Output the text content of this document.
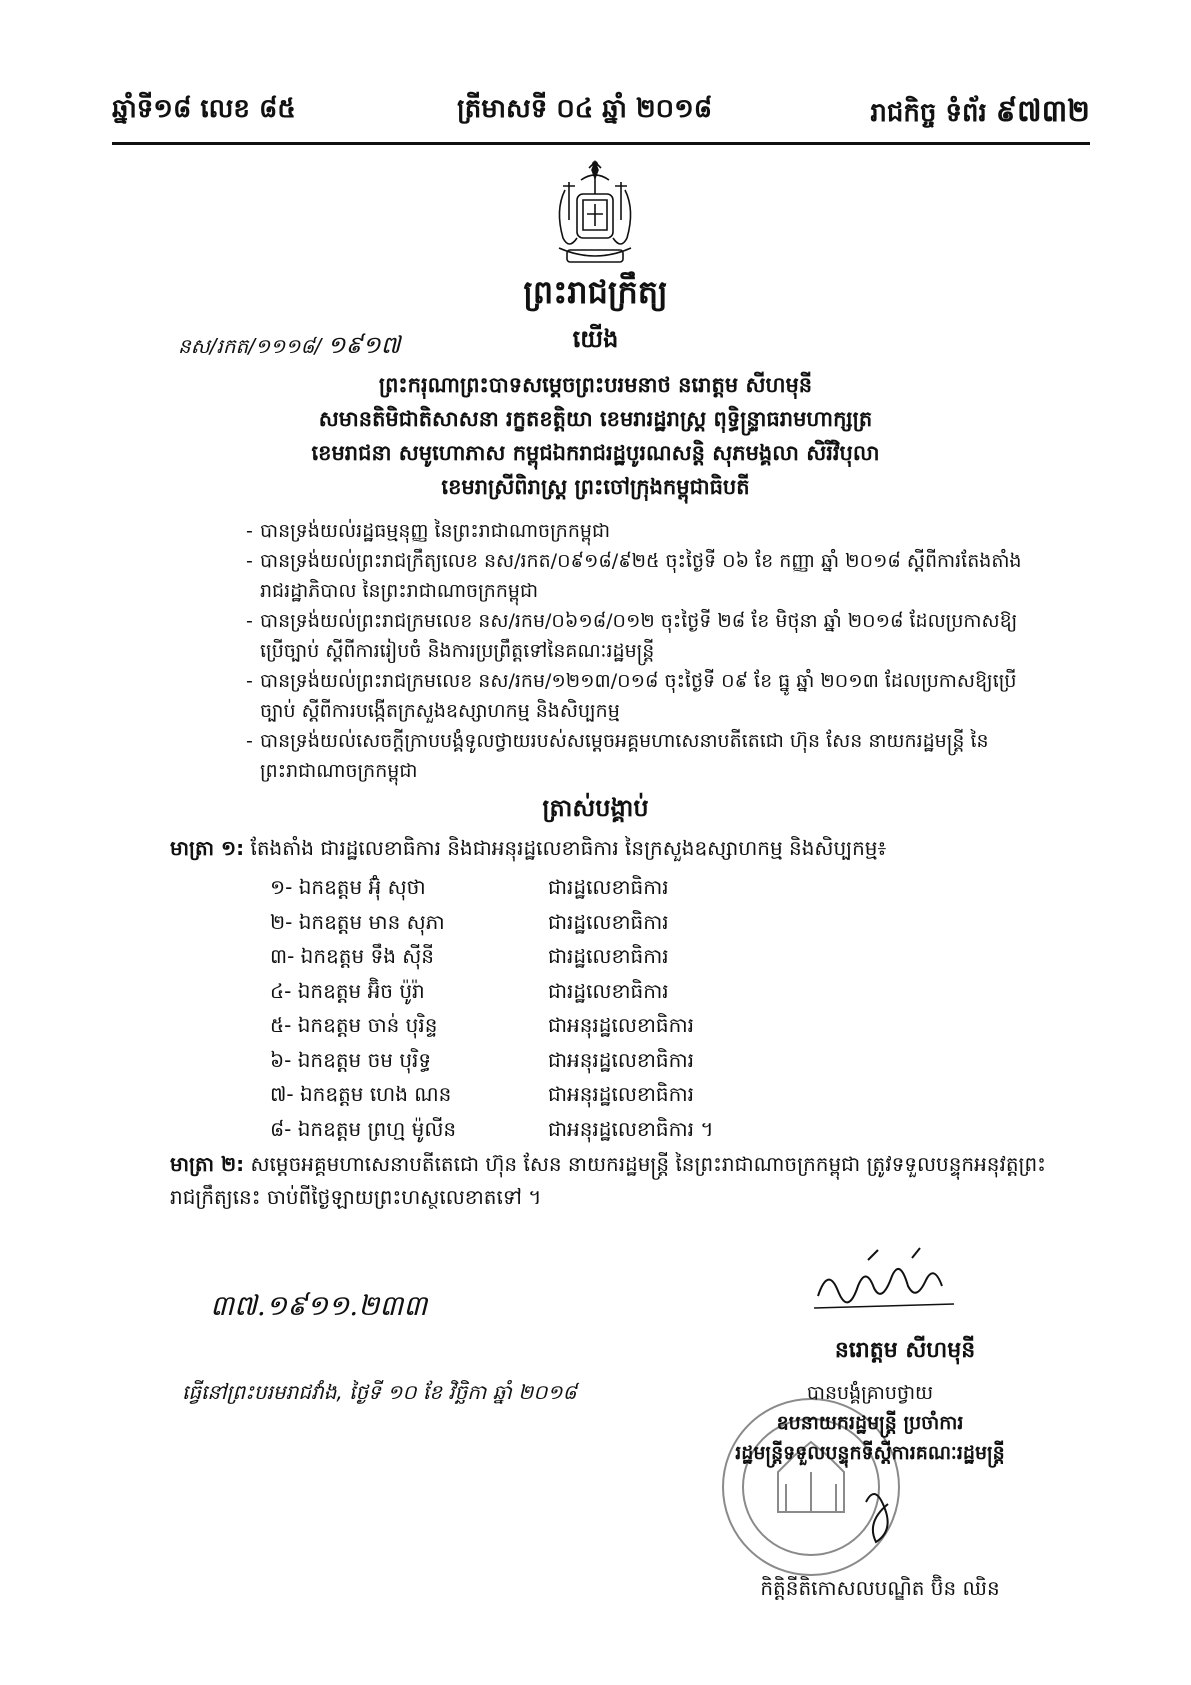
ឆ្នាំទី១៨ លេខ ៨៥	ត្រីមាសទី ០៤ ឆ្នាំ ២០១៨	រាជកិច្ច ទំព័រ ៩៧៣២
ព្រះរាជក្រឹត្យ
នស/រកត/១១១៨/ ១៩១៧	យើង
ព្រះករុណាព្រះបាទសម្តេចព្រះបរមនាថ នរោត្តម សីហមុនី
សមានតិមិជាតិសាសនា រក្ខតខត្តិយា ខេមរារដ្ឋរាស្ត្រ ពុទ្ធិន្ទ្រាធរាមហាក្សត្រ
ខេមរាជនា សមូហោភាស កម្ពុជឯករាជរដ្ឋបូរណសន្តិ សុភមង្គលា សិរីវិបុលា
ខេមរាស្រីពិរាស្ត្រ ព្រះចៅក្រុងកម្ពុជាធិបតី
- បានទ្រង់យល់រដ្ឋធម្មនុញ្ញ នៃព្រះរាជាណាចក្រកម្ពុជា
- បានទ្រង់យល់ព្រះរាជក្រឹត្យលេខ នស/រកត/០៩១៨/៩២៥ ចុះថ្ងៃទី ០៦ ខែ កញ្ញា ឆ្នាំ ២០១៨ ស្តីពីការតែងតាំងរាជរដ្ឋាភិបាល នៃព្រះរាជាណាចក្រកម្ពុជា
- បានទ្រង់យល់ព្រះរាជក្រមលេខ នស/រកម/០៦១៨/០១២ ចុះថ្ងៃទី ២៨ ខែ មិថុនា ឆ្នាំ ២០១៨ ដែលប្រកាសឱ្យប្រើច្បាប់ ស្តីពីការរៀបចំ និងការប្រព្រឹត្តទៅនៃគណៈរដ្ឋមន្ត្រី
- បានទ្រង់យល់ព្រះរាជក្រមលេខ នស/រកម/១២១៣/០១៨ ចុះថ្ងៃទី ០៩ ខែ ធ្នូ ឆ្នាំ ២០១៣ ដែលប្រកាសឱ្យប្រើច្បាប់ ស្តីពីការបង្កើតក្រសួងឧស្សាហកម្ម និងសិប្បកម្ម
- បានទ្រង់យល់សេចក្តីក្រាបបង្គំទូលថ្វាយរបស់សម្តេចអគ្គមហាសេនាបតីតេជោ ហ៊ុន សែន នាយករដ្ឋមន្ត្រី នៃព្រះរាជាណាចក្រកម្ពុជា
ត្រាស់បង្គាប់
មាត្រា ១: តែងតាំង ជារដ្ឋលេខាធិការ និងជាអនុរដ្ឋលេខាធិការ នៃក្រសួងឧស្សាហកម្ម និងសិប្បកម្ម៖
១- ឯកឧត្តម អ៊ុំ សុថា	ជារដ្ឋលេខាធិការ
២- ឯកឧត្តម មាន សុភា	ជារដ្ឋលេខាធិការ
៣- ឯកឧត្តម ទឹង ស៊ីនី	ជារដ្ឋលេខាធិការ
៤- ឯកឧត្តម អ៊ិច ប៉ូរ៉ា	ជារដ្ឋលេខាធិការ
៥- ឯកឧត្តម ចាន់ បុរិន្ទ	ជាអនុរដ្ឋលេខាធិការ
៦- ឯកឧត្តម ចម បុរិទ្ធ	ជាអនុរដ្ឋលេខាធិការ
៧- ឯកឧត្តម ហេង ណន	ជាអនុរដ្ឋលេខាធិការ
៨- ឯកឧត្តម ព្រហ្ម ម៉ូលីន	ជាអនុរដ្ឋលេខាធិការ ។
មាត្រា ២: សម្តេចអគ្គមហាសេនាបតីតេជោ ហ៊ុន សែន នាយករដ្ឋមន្ត្រី នៃព្រះរាជាណាចក្រកម្ពុជា ត្រូវទទួលបន្ទុកអនុវត្តព្រះរាជក្រឹត្យនេះ ចាប់ពីថ្ងៃឡាយព្រះហស្ថលេខាតទៅ ។
៣៧.១៩១១.២៣៣
ធ្វើនៅព្រះបរមរាជវាំង, ថ្ងៃទី ១០ ខែ វិច្ឆិកា ឆ្នាំ ២០១៨
នរោត្តម សីហមុនី
បានបង្គំគ្រាបថ្វាយ
ឧបនាយករដ្ឋមន្ត្រី ប្រចាំការ
រដ្ឋមន្ត្រីទទួលបន្ទុកទីស្តីការគណៈរដ្ឋមន្ត្រី
កិត្តិនីតិកោសលបណ្ឌិត ប៊ិន ឈិន
